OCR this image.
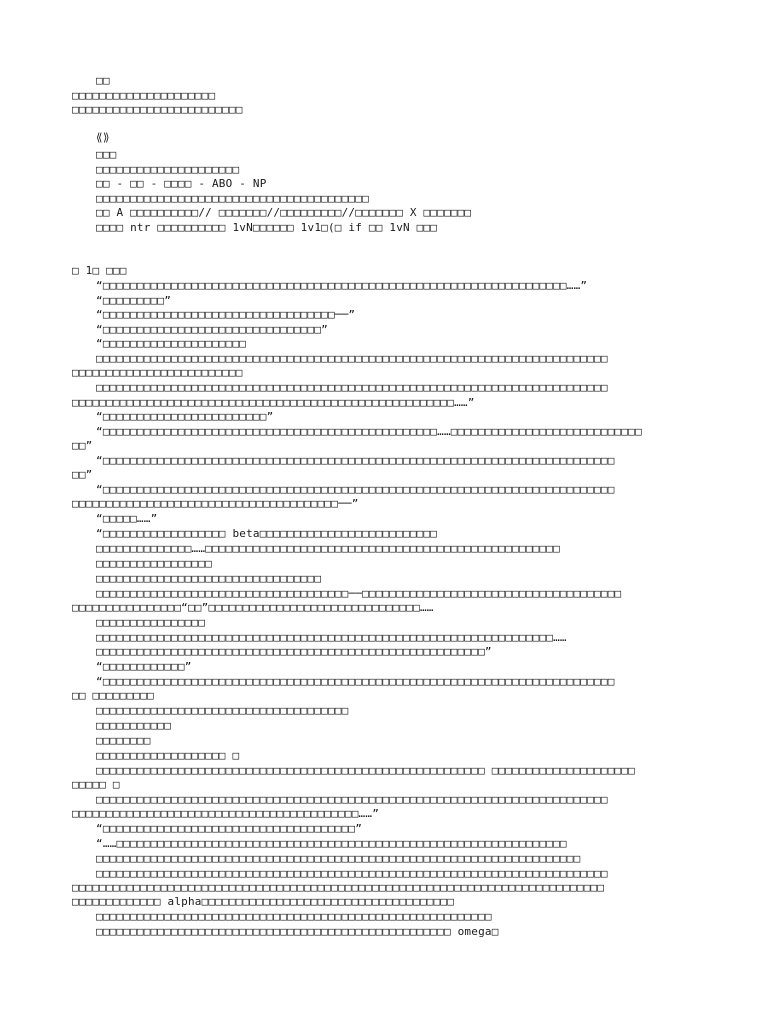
□□
□□□□□□□□□□□□□□□□□□□□□
□□□□□□□□□□□□□□□□□□□□□□□□□
⟪⟫
□□□
□□□□□□□□□□□□□□□□□□□□□
□□ - □□ - □□□□ - ABO - NP
□□□□□□□□□□□□□□□□□□□□□□□□□□□□□□□□□□□□□□□□
□□ A □□□□□□□□□□// □□□□□□□//□□□□□□□□□//□□□□□□□ X □□□□□□□
□□□□ ntr □□□□□□□□□□ 1vN□□□□□□ 1v1□(□ if □□ 1vN □□□
□ 1□ □□□
“□□□□□□□□□□□□□□□□□□□□□□□□□□□□□□□□□□□□□□□□□□□□□□□□□□□□□□□□□□□□□□□□□□□□……”
“□□□□□□□□□”
“□□□□□□□□□□□□□□□□□□□□□□□□□□□□□□□□□□──”
“□□□□□□□□□□□□□□□□□□□□□□□□□□□□□□□□”
“□□□□□□□□□□□□□□□□□□□□□
□□□□□□□□□□□□□□□□□□□□□□□□□□□□□□□□□□□□□□□□□□□□□□□□□□□□□□□□□□□□□□□□□□□□□□□□□□□
□□□□□□□□□□□□□□□□□□□□□□□□□
□□□□□□□□□□□□□□□□□□□□□□□□□□□□□□□□□□□□□□□□□□□□□□□□□□□□□□□□□□□□□□□□□□□□□□□□□□□
□□□□□□□□□□□□□□□□□□□□□□□□□□□□□□□□□□□□□□□□□□□□□□□□□□□□□□□□……”
“□□□□□□□□□□□□□□□□□□□□□□□□”
“□□□□□□□□□□□□□□□□□□□□□□□□□□□□□□□□□□□□□□□□□□□□□□□□□……□□□□□□□□□□□□□□□□□□□□□□□□□□□□
□□”
“□□□□□□□□□□□□□□□□□□□□□□□□□□□□□□□□□□□□□□□□□□□□□□□□□□□□□□□□□□□□□□□□□□□□□□□□□□□
□□”
“□□□□□□□□□□□□□□□□□□□□□□□□□□□□□□□□□□□□□□□□□□□□□□□□□□□□□□□□□□□□□□□□□□□□□□□□□□□
□□□□□□□□□□□□□□□□□□□□□□□□□□□□□□□□□□□□□□□──”
“□□□□□……”
“□□□□□□□□□□□□□□□□□□ beta□□□□□□□□□□□□□□□□□□□□□□□□□□
□□□□□□□□□□□□□□……□□□□□□□□□□□□□□□□□□□□□□□□□□□□□□□□□□□□□□□□□□□□□□□□□□□□
□□□□□□□□□□□□□□□□□
□□□□□□□□□□□□□□□□□□□□□□□□□□□□□□□□□
□□□□□□□□□□□□□□□□□□□□□□□□□□□□□□□□□□□□□──□□□□□□□□□□□□□□□□□□□□□□□□□□□□□□□□□□□□□□
□□□□□□□□□□□□□□□□“□□”□□□□□□□□□□□□□□□□□□□□□□□□□□□□□□□……
□□□□□□□□□□□□□□□□
□□□□□□□□□□□□□□□□□□□□□□□□□□□□□□□□□□□□□□□□□□□□□□□□□□□□□□□□□□□□□□□□□□□……
□□□□□□□□□□□□□□□□□□□□□□□□□□□□□□□□□□□□□□□□□□□□□□□□□□□□□□□□□”
“□□□□□□□□□□□□”
“□□□□□□□□□□□□□□□□□□□□□□□□□□□□□□□□□□□□□□□□□□□□□□□□□□□□□□□□□□□□□□□□□□□□□□□□□□□
□□ □□□□□□□□□
□□□□□□□□□□□□□□□□□□□□□□□□□□□□□□□□□□□□□
□□□□□□□□□□□
□□□□□□□□
□□□□□□□□□□□□□□□□□□□ □
□□□□□□□□□□□□□□□□□□□□□□□□□□□□□□□□□□□□□□□□□□□□□□□□□□□□□□□□□ □□□□□□□□□□□□□□□□□□□□□
□□□□□ □
□□□□□□□□□□□□□□□□□□□□□□□□□□□□□□□□□□□□□□□□□□□□□□□□□□□□□□□□□□□□□□□□□□□□□□□□□□□
□□□□□□□□□□□□□□□□□□□□□□□□□□□□□□□□□□□□□□□□□□……”
“□□□□□□□□□□□□□□□□□□□□□□□□□□□□□□□□□□□□□”
“……□□□□□□□□□□□□□□□□□□□□□□□□□□□□□□□□□□□□□□□□□□□□□□□□□□□□□□□□□□□□□□□□□□
□□□□□□□□□□□□□□□□□□□□□□□□□□□□□□□□□□□□□□□□□□□□□□□□□□□□□□□□□□□□□□□□□□□□□□□
□□□□□□□□□□□□□□□□□□□□□□□□□□□□□□□□□□□□□□□□□□□□□□□□□□□□□□□□□□□□□□□□□□□□□□□□□□□
□□□□□□□□□□□□□□□□□□□□□□□□□□□□□□□□□□□□□□□□□□□□□□□□□□□□□□□□□□□□□□□□□□□□□□□□□□□□□□
□□□□□□□□□□□□□ alpha□□□□□□□□□□□□□□□□□□□□□□□□□□□□□□□□□□□□□
□□□□□□□□□□□□□□□□□□□□□□□□□□□□□□□□□□□□□□□□□□□□□□□□□□□□□□□□□□
□□□□□□□□□□□□□□□□□□□□□□□□□□□□□□□□□□□□□□□□□□□□□□□□□□□□ omega□
